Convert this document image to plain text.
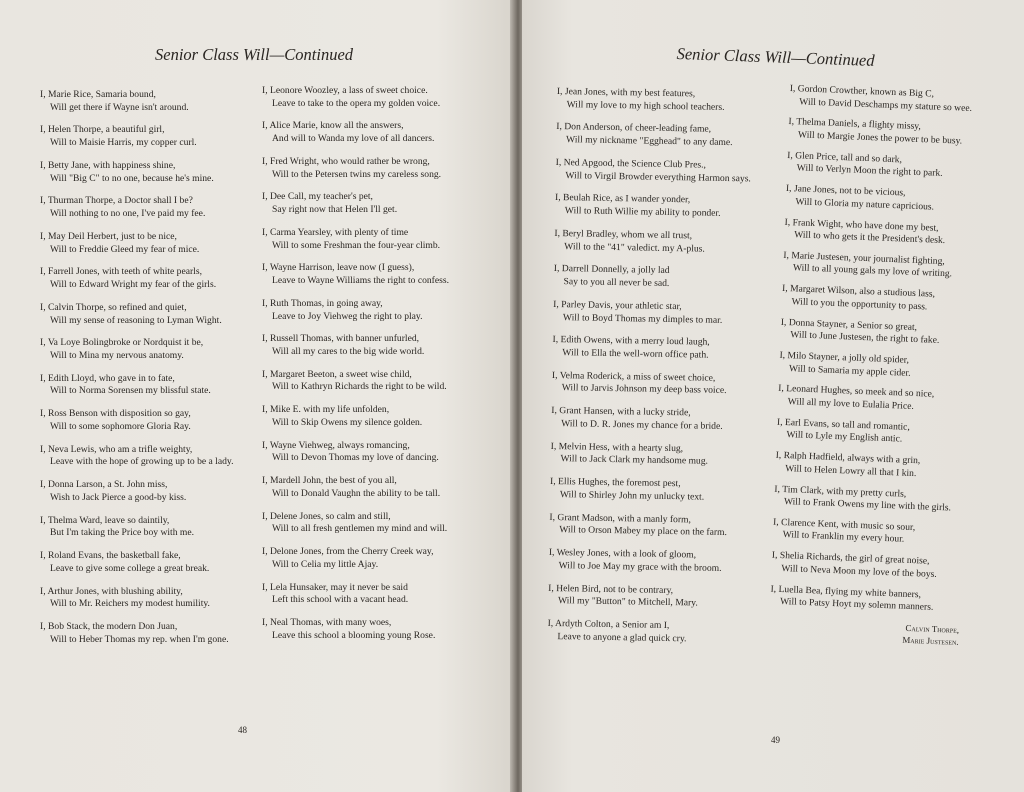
Senior Class Will—Continued
I, Marie Rice, Samaria bound,
Will get there if Wayne isn't around.
I, Helen Thorpe, a beautiful girl,
Will to Maisie Harris, my copper curl.
I, Betty Jane, with happiness shine,
Will "Big C" to no one, because he's mine.
I, Thurman Thorpe, a Doctor shall I be?
Will nothing to no one, I've paid my fee.
I, May Deil Herbert, just to be nice,
Will to Freddie Gleed my fear of mice.
I, Farrell Jones, with teeth of white pearls,
Will to Edward Wright my fear of the girls.
I, Calvin Thorpe, so refined and quiet,
Will my sense of reasoning to Lyman Wight.
I, Va Loye Bolingbroke or Nordquist it be,
Will to Mina my nervous anatomy.
I, Edith Lloyd, who gave in to fate,
Will to Norma Sorensen my blissful state.
I, Ross Benson with disposition so gay,
Will to some sophomore Gloria Ray.
I, Neva Lewis, who am a trifle weighty,
Leave with the hope of growing up to be a lady.
I, Donna Larson, a St. John miss,
Wish to Jack Pierce a good-by kiss.
I, Thelma Ward, leave so daintily,
But I'm taking the Price boy with me.
I, Roland Evans, the basketball fake,
Leave to give some college a great break.
I, Arthur Jones, with blushing ability,
Will to Mr. Reichers my modest humility.
I, Bob Stack, the modern Don Juan,
Will to Heber Thomas my rep. when I'm gone.
I, Leonore Woozley, a lass of sweet choice.
Leave to take to the opera my golden voice.
I, Alice Marie, know all the answers,
And will to Wanda my love of all dancers.
I, Fred Wright, who would rather be wrong,
Will to the Petersen twins my careless song.
I, Dee Call, my teacher's pet,
Say right now that Helen I'll get.
I, Carma Yearsley, with plenty of time
Will to some Freshman the four-year climb.
I, Wayne Harrison, leave now (I guess),
Leave to Wayne Williams the right to confess.
I, Ruth Thomas, in going away,
Leave to Joy Viehweg the right to play.
I, Russell Thomas, with banner unfurled,
Will all my cares to the big wide world.
I, Margaret Beeton, a sweet wise child,
Will to Kathryn Richards the right to be wild.
I, Mike E. with my life unfolden,
Will to Skip Owens my silence golden.
I, Wayne Viehweg, always romancing,
Will to Devon Thomas my love of dancing.
I, Mardell John, the best of you all,
Will to Donald Vaughn the ability to be tall.
I, Delene Jones, so calm and still,
Will to all fresh gentlemen my mind and will.
I, Delone Jones, from the Cherry Creek way,
Will to Celia my little Ajay.
I, Lela Hunsaker, may it never be said
Left this school with a vacant head.
I, Neal Thomas, with many woes,
Leave this school a blooming young Rose.
48
Senior Class Will—Continued
I, Jean Jones, with my best features,
Will my love to my high school teachers.
I, Don Anderson, of cheer-leading fame,
Will my nickname "Egghead" to any dame.
I, Ned Apgood, the Science Club Pres.,
Will to Virgil Browder everything Harmon says.
I, Beulah Rice, as I wander yonder,
Will to Ruth Willie my ability to ponder.
I, Beryl Bradley, whom we all trust,
Will to the "41" valedict. my A-plus.
I, Darrell Donnelly, a jolly lad
Say to you all never be sad.
I, Parley Davis, your athletic star,
Will to Boyd Thomas my dimples to mar.
I, Edith Owens, with a merry loud laugh,
Will to Ella the well-worn office path.
I, Velma Roderick, a miss of sweet choice,
Will to Jarvis Johnson my deep bass voice.
I, Grant Hansen, with a lucky stride,
Will to D. R. Jones my chance for a bride.
I, Melvin Hess, with a hearty slug,
Will to Jack Clark my handsome mug.
I, Ellis Hughes, the foremost pest,
Will to Shirley John my unlucky text.
I, Grant Madson, with a manly form,
Will to Orson Mabey my place on the farm.
I, Wesley Jones, with a look of gloom,
Will to Joe May my grace with the broom.
I, Helen Bird, not to be contrary,
Will my "Button" to Mitchell, Mary.
I, Ardyth Colton, a Senior am I,
Leave to anyone a glad quick cry.
I, Gordon Crowther, known as Big C,
Will to David Deschamps my stature so wee.
I, Thelma Daniels, a flighty missy,
Will to Margie Jones the power to be busy.
I, Glen Price, tall and so dark,
Will to Verlyn Moon the right to park.
I, Jane Jones, not to be vicious,
Will to Gloria my nature capricious.
I, Frank Wight, who have done my best,
Will to who gets it the President's desk.
I, Marie Justesen, your journalist fighting,
Will to all young gals my love of writing.
I, Margaret Wilson, also a studious lass,
Will to you the opportunity to pass.
I, Donna Stayner, a Senior so great,
Will to June Justesen, the right to fake.
I, Milo Stayner, a jolly old spider,
Will to Samaria my apple cider.
I, Leonard Hughes, so meek and so nice,
Will all my love to Eulalia Price.
I, Earl Evans, so tall and romantic,
Will to Lyle my English antic.
I, Ralph Hadfield, always with a grin,
Will to Helen Lowry all that I kin.
I, Tim Clark, with my pretty curls,
Will to Frank Owens my line with the girls.
I, Clarence Kent, with music so sour,
Will to Franklin my every hour.
I, Shelia Richards, the girl of great noise,
Will to Neva Moon my love of the boys.
I, Luella Bea, flying my white banners,
Will to Patsy Hoyt my solemn manners.
Calvin Thorpe,
Marie Justesen.
49
